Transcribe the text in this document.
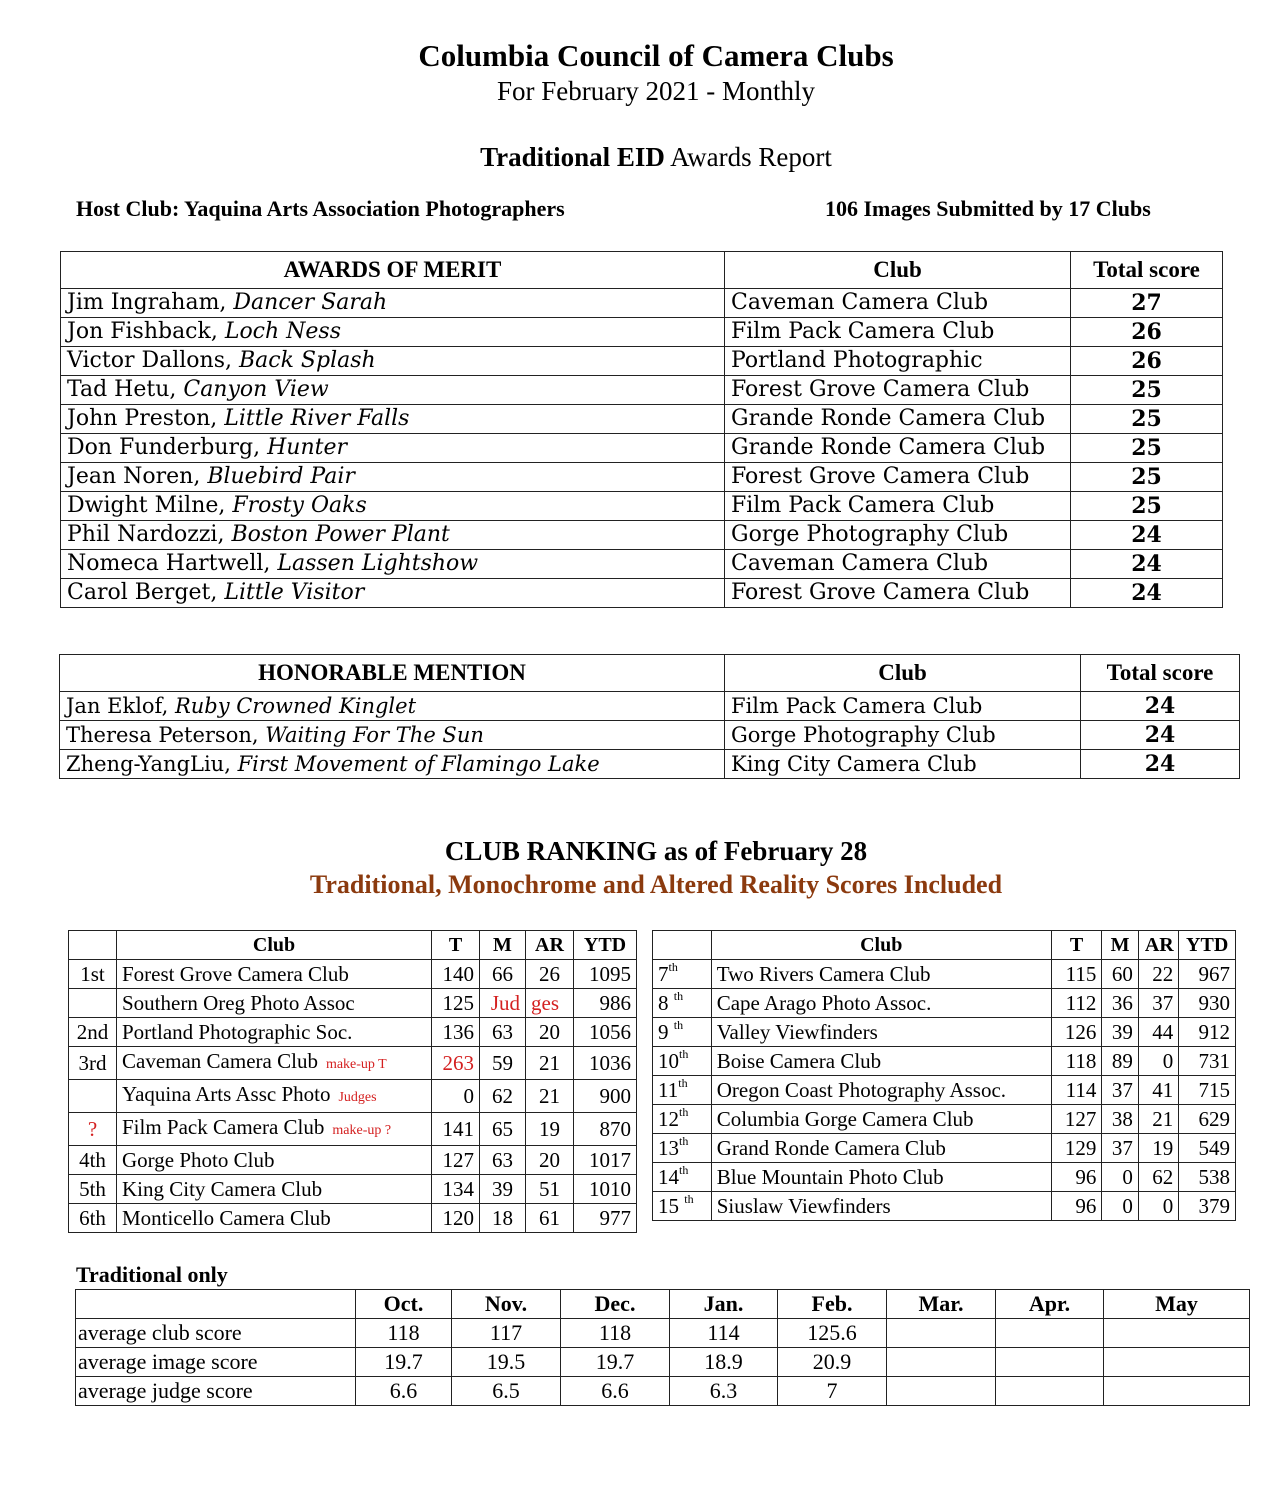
Columbia Council of Camera Clubs
For February 2021 - Monthly
Traditional EID Awards Report
Host Club: Yaquina Arts Association Photographers	106 Images Submitted by 17 Clubs
AWARDS OF MERIT	Club	Total score
Jim Ingraham, Dancer Sarah	Caveman Camera Club	27
Jon Fishback, Loch Ness	Film Pack Camera Club	26
Victor Dallons, Back Splash	Portland Photographic	26
Tad Hetu, Canyon View	Forest Grove Camera Club	25
John Preston, Little River Falls	Grande Ronde Camera Club	25
Don Funderburg, Hunter	Grande Ronde Camera Club	25
Jean Noren, Bluebird Pair	Forest Grove Camera Club	25
Dwight Milne, Frosty Oaks	Film Pack Camera Club	25
Phil Nardozzi, Boston Power Plant	Gorge Photography Club	24
Nomeca Hartwell, Lassen Lightshow	Caveman Camera Club	24
Carol Berget, Little Visitor	Forest Grove Camera Club	24
HONORABLE MENTION	Club	Total score
Jan Eklof, Ruby Crowned Kinglet	Film Pack Camera Club	24
Theresa Peterson, Waiting For The Sun	Gorge Photography Club	24
Zheng-YangLiu, First Movement of Flamingo Lake	King City Camera Club	24
CLUB RANKING as of February 28
Traditional, Monochrome and Altered Reality Scores Included
	Club	T	M	AR	YTD
1st	Forest Grove Camera Club	140	66	26	1095
	Southern Oreg Photo Assoc	125	Jud	ges	986
2nd	Portland Photographic Soc.	136	63	20	1056
3rd	Caveman Camera Club make-up T	263	59	21	1036
	Yaquina Arts Assc Photo Judges	0	62	21	900
?	Film Pack Camera Club make-up ?	141	65	19	870
4th	Gorge Photo Club	127	63	20	1017
5th	King City Camera Club	134	39	51	1010
6th	Monticello Camera Club	120	18	61	977
	Club	T	M	AR	YTD
7th	Two Rivers Camera Club	115	60	22	967
8 $^{th}$	Cape Arago Photo Assoc.	112	36	37	930
9 $^{th}$	Valley Viewfinders	126	39	44	912
10th	Boise Camera Club	118	89	0	731
11th	Oregon Coast Photography Assoc.	114	37	41	715
12th	Columbia Gorge Camera Club	127	38	21	629
13th	Grand Ronde Camera Club	129	37	19	549
14th	Blue Mountain Photo Club	96	0	62	538
15 $^{th}$	Siuslaw Viewfinders	96	0	0	379
Traditional only
	Oct.	Nov.	Dec.	Jan.	Feb.	Mar.	Apr.	May
average club score	118	117	118	114	125.6			
average image score	19.7	19.5	19.7	18.9	20.9			
average judge score	6.6	6.5	6.6	6.3	7			
